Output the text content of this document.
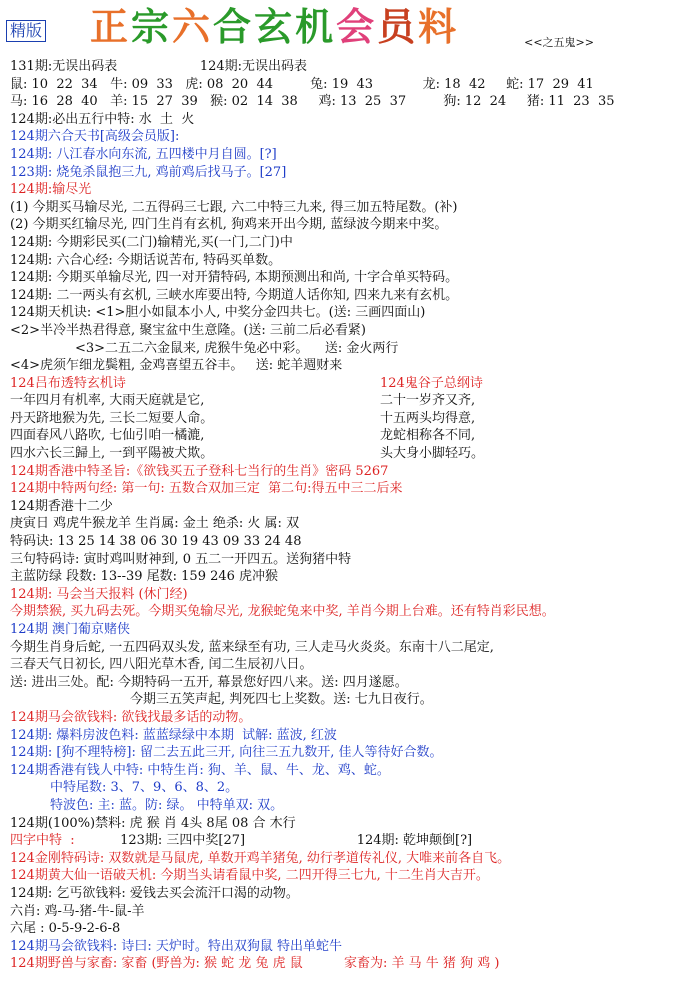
精版 正宗六合玄机会员料	<<之五鬼>>
131期:无误出码表                    124期:无误出码表
鼠: 10  22  34   牛: 09  33   虎: 08  20  44         兔: 19  43            龙: 18  42     蛇: 17  29  41
马: 16  28  40   羊: 15  27  39   猴: 02  14  38     鸡: 13  25  37         狗: 12  24     猪: 11  23  35
124期:必出五行中特: 水  土  火
124期六合天书[高级会员版]:
124期: 八江春水向东流, 五四楼中月自圆。[?]
123期: 烧兔杀鼠抱三九, 鸡前鸡后找马子。[27]
124期:输尽光
(1) 今期买马输尽光, 二五得码三七跟, 六二中特三九来, 得三加五特尾数。(补)
(2) 今期买红输尽光, 四门生肖有玄机, 狗鸡来开出今期, 蓝绿波今期来中奖。
124期: 今期彩民买(二门)输精光,买(一门,二门)中
124期: 六合心经: 今期话说苦布, 特码买单数。
124期: 今期买单输尽光, 四一对开猜特码, 本期预测出和尚, 十字合单买特码。
124期: 二一两头有玄机, 三峡水库要出特, 今期道人话你知, 四来九来有玄机。
124期天机诀: <1>胆小如鼠本小人, 中奖分金四共七。(送: 三画四面山)
<2>半冷半热君得意, 聚宝盆中生意隆。(送: 三前二后必看紧)
<3>二五二六金鼠来, 虎猴牛兔必中彩。    送: 金火两行
<4>虎须乍细龙鬓粗, 金鸡喜望五谷丰。   送: 蛇羊週财来
124吕布透特玄机诗	124鬼谷子总纲诗
一年四月有机率, 大雨天庭就是它,	二十一岁齐又齐,
丹天跻地猴为先, 三长二短要人命。	十五两头均得意,
四面春风八路吹, 七仙引咱一橘漉,	龙蛇相称各不同,
四水六长三歸上, 一到平陽被犬欺。	头大身小脚轻巧。
124期香港中特圣旨:《欲钱买五子登科七当行的生肖》密码 5267
124期中特两句经: 第一句: 五数合双加三定  第二句:得五中三二后来
124期香港十二少
庚寅日 鸡虎牛猴龙羊 生肖属: 金土 绝杀: 火 属: 双
特码诀: 13 25 14 38 06 30 19 43 09 33 24 48
三句特码诗: 寅时鸡叫财神到, 0 五二一开四五。送狗猪中特
主蓝防绿 段数: 13--39 尾数: 159 246 虎冲猴
124期: 马会当天报料 (休门经)
今期禁猴, 买九码去死。今期买兔输尽光, 龙猴蛇兔来中奖, 羊肖今期上台难。还有特肖彩民想。
124期 澳门葡京赌侠
今期生肖身后蛇, 一五四码双头发, 蓝来绿至有功, 三人走马火炎炎。东南十八二尾定,
三春天气日初长, 四八阳光草木香, 闰二生辰初八日。
送: 进出三处。配: 今期特码一五开, 幕景您好四八来。送: 四月遂愿。
今期三五笑声起, 判死四七上奖数。送: 七九日夜行。
124期马会欲钱料: 欲钱找最多话的动物。
124期: 爆料房波色料: 蓝蓝绿绿中本期  试解: 蓝波, 红波
124期: [狗不理特榜]: 留二去五此三开, 向往三五九数开, 佳人等待好合数。
124期香港有钱人中特: 中特生肖: 狗、羊、鼠、牛、龙、鸡、蛇。
中特尾数: 3、7、9、6、8、2。
特波色: 主: 蓝。防: 绿。 中特单双: 双。
124期(100%)禁料: 虎 猴 肖 4头 8尾 08 合 木行
四字中特  :           123期: 三四中奖[27]                           124期: 乾坤颠倒[?]
124金刚特码诗: 双数就是马鼠虎, 单数开鸡羊猪兔, 幼行孝道传礼仪, 大唯来前各自飞。
124期黄大仙一语破天机: 今期当头请看鼠中奖, 二四开得三七九, 十二生肖大吉开。
124期: 乞丐欲钱料: 爱钱去买会流汗口渴的动物。
六肖: 鸡-马-猪-牛-鼠-羊
六尾 : 0-5-9-2-6-8
124期马会欲钱料: 诗曰: 天炉时。特出双狗鼠 特出单蛇牛
124期野兽与家畜: 家畜 (野兽为: 猴 蛇 龙 兔 虎 鼠          家畜为: 羊 马 牛 猪 狗 鸡 )
